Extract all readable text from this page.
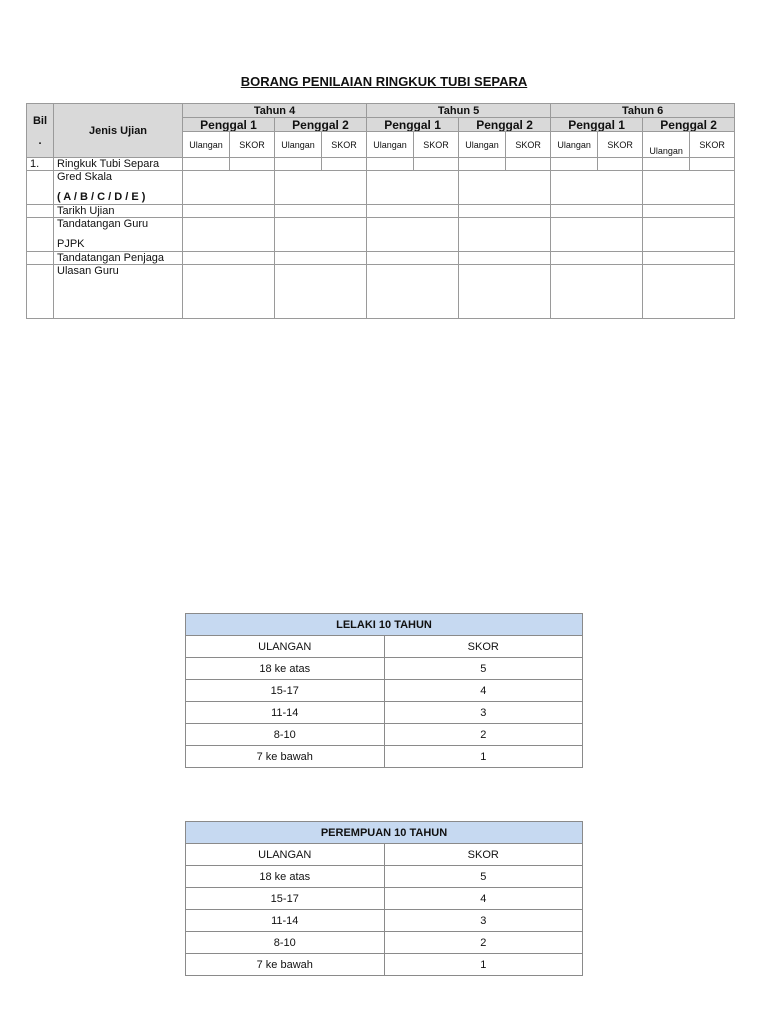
BORANG PENILAIAN RINGKUK TUBI SEPARA
Bil
.	Jenis Ujian	Tahun 4				Tahun 5				Tahun 6			
		Penggal 1		Penggal 2		Penggal 1		Penggal 2		Penggal 1		Penggal 2	
		Ulangan	SKOR	Ulangan	SKOR	Ulangan	SKOR	Ulangan	SKOR	Ulangan	SKOR	Ulangan	SKOR
1.	Ringkuk Tubi Separa												

	Gred Skala
( A / B / C / D / E )												

	Tarikh Ujian												

	Tandatangan Guru
PJPK												

	Tandatangan Penjaga												
	Ulasan Guru												
LELAKI 10 TAHUN	
ULANGAN	SKOR
18 ke atas	5
15-17	4
11-14	3
8-10	2
7 ke bawah	1
PEREMPUAN 10 TAHUN	
ULANGAN	SKOR
18 ke atas	5
15-17	4
11-14	3
8-10	2
7 ke bawah	1
